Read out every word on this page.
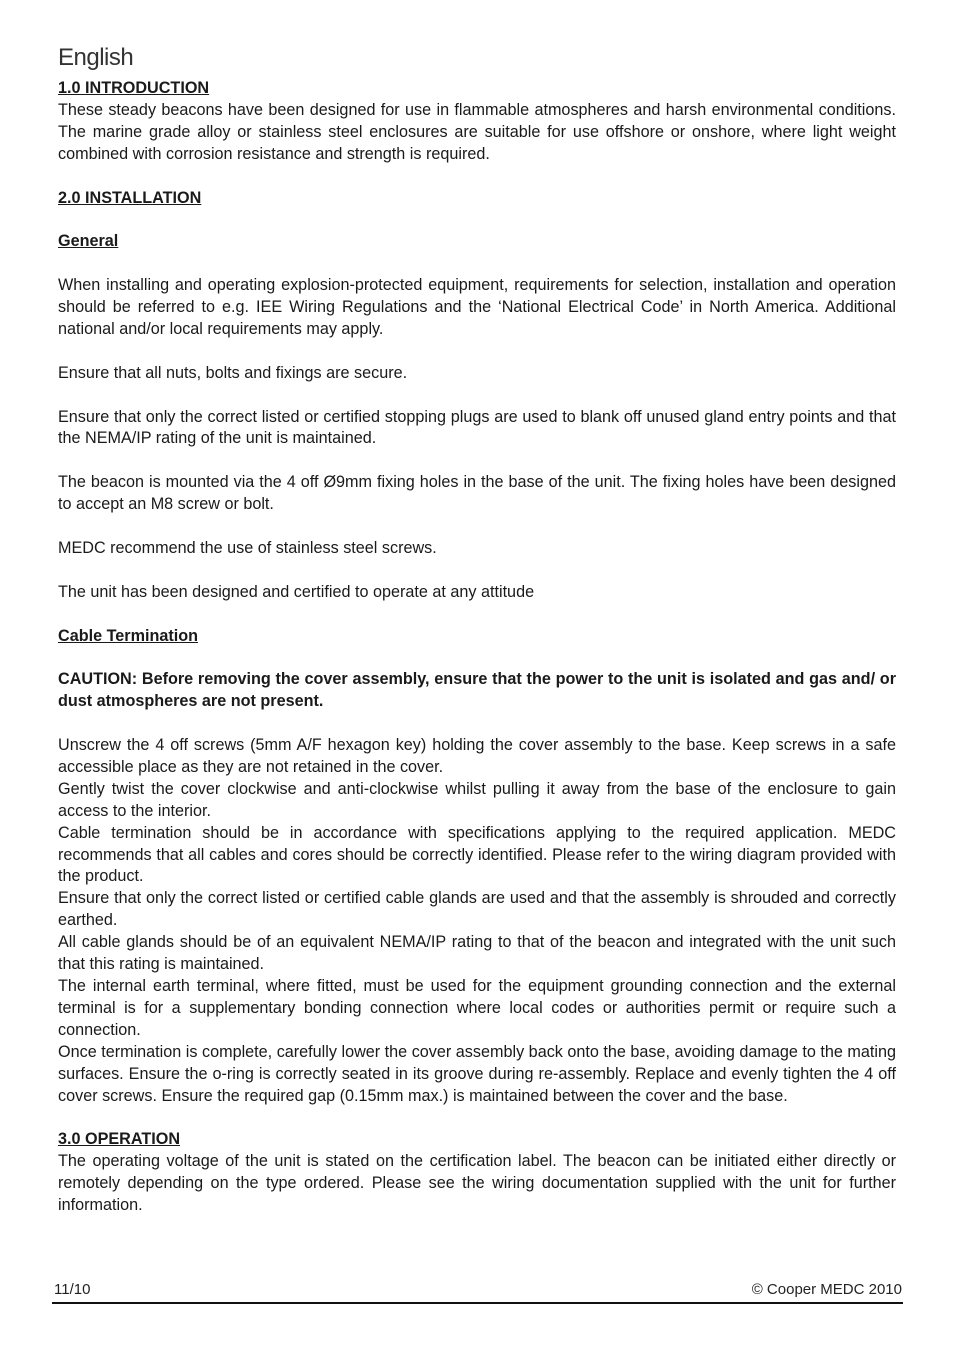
English

1.0 INTRODUCTION

These steady beacons have been designed for use in flammable atmospheres and harsh environmental conditions. The marine grade alloy or stainless steel enclosures are suitable for use offshore or onshore, where light weight combined with corrosion resistance and strength is required.

2.0 INSTALLATION

General

When installing and operating explosion-protected equipment, requirements for selection, installation and operation should be referred to e.g. IEE Wiring Regulations and the ‘National Electrical Code’ in North America. Additional national and/or local requirements may apply.

Ensure that all nuts, bolts and fixings are secure.

Ensure that only the correct listed or certified stopping plugs are used to blank off unused gland entry points and that the NEMA/IP rating of the unit is maintained.

The beacon is mounted via the 4 off Ø9mm fixing holes in the base of the unit. The fixing holes have been designed to accept an M8 screw or bolt.

MEDC recommend the use of stainless steel screws.

The unit has been designed and certified to operate at any attitude

Cable Termination

CAUTION: Before removing the cover assembly, ensure that the power to the unit is isolated and gas and/ or dust atmospheres are not present.

Unscrew the 4 off screws (5mm A/F hexagon key) holding the cover assembly to the base. Keep screws in a safe accessible place as they are not retained in the cover.

Gently twist the cover clockwise and anti-clockwise whilst pulling it away from the base of the enclosure to gain access to the interior.

Cable termination should be in accordance with specifications applying to the required application. MEDC recommends that all cables and cores should be correctly identified. Please refer to the wiring diagram provided with the product.

Ensure that only the correct listed or certified cable glands are used and that the assembly is shrouded and correctly earthed.

All cable glands should be of an equivalent NEMA/IP rating to that of the beacon and integrated with the unit such that this rating is maintained.

The internal earth terminal, where fitted, must be used for the equipment grounding connection and the external terminal is for a supplementary bonding connection where local codes or authorities permit or require such a connection.

Once termination is complete, carefully lower the cover assembly back onto the base, avoiding damage to the mating surfaces. Ensure the o-ring is correctly seated in its groove during re-assembly. Replace and evenly tighten the 4 off cover screws. Ensure the required gap (0.15mm max.) is maintained between the cover and the base.

3.0 OPERATION

The operating voltage of the unit is stated on the certification label. The beacon can be initiated either directly or remotely depending on the type ordered. Please see the wiring documentation supplied with the unit for further information.

11/10	© Cooper MEDC 2010
